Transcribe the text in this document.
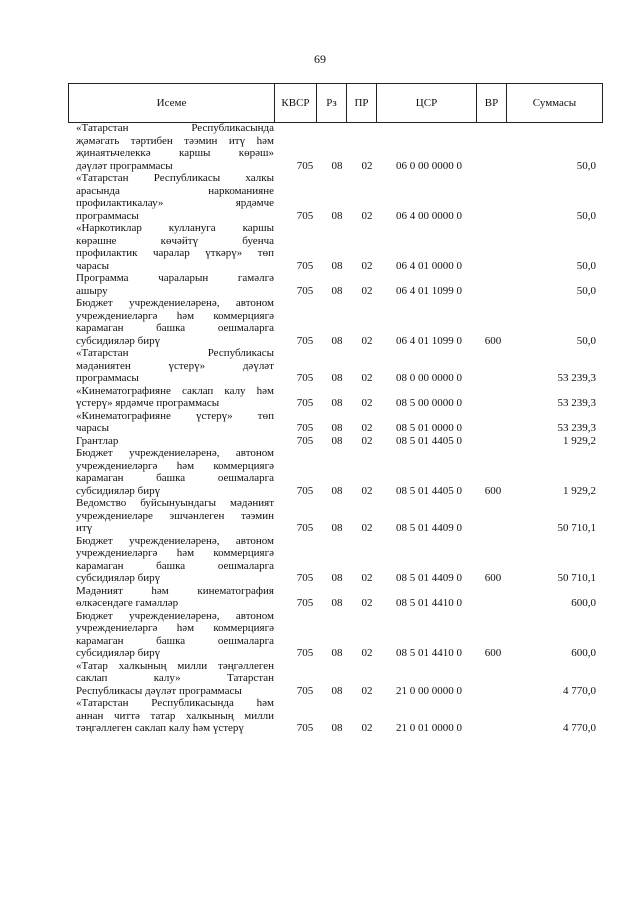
69
Исеме	КВСР	Рз	ПР	ЦСР	ВР	Суммасы
«Татарстан Республикасында
җәмәгать тәртибен тәэмин итү һәм
җинаятьчелеккә каршы көрәш»
дәүләт программасы	705	08	02	06 0 00 0000 0	50,0
«Татарстан Республикасы халкы
арасында наркоманияне
профилактикалау» ярдәмче
программасы	705	08	02	06 4 00 0000 0	50,0
«Наркотиклар куллануга каршы
көрәшне көчәйтү буенча
профилактик чаралар үткәрү» төп
чарасы	705	08	02	06 4 01 0000 0	50,0
Программа чараларын гамәлгә
ашыру	705	08	02	06 4 01 1099 0	50,0
Бюджет учреждениеләренә, автоном
учреждениеләргә һәм коммерциягә
карамаган башка оешмаларга
субсидияләр бирү	705	08	02	06 4 01 1099 0	600	50,0
«Татарстан Республикасы
мәдәниятен үстерү» дәүләт
программасы	705	08	02	08 0 00 0000 0	53 239,3
«Кинематографияне саклап калу һәм
үстерү» ярдәмче программасы	705	08	02	08 5 00 0000 0	53 239,3
«Кинематографияне үстерү» төп
чарасы	705	08	02	08 5 01 0000 0	53 239,3
Грантлар	705	08	02	08 5 01 4405 0	1 929,2
Бюджет учреждениеләренә, автоном
учреждениеләргә һәм коммерциягә
карамаган башка оешмаларга
субсидияләр бирү	705	08	02	08 5 01 4405 0	600	1 929,2
Ведомство буйсынуындагы мәдәният
учреждениеләре эшчәнлеген тәэмин
итү	705	08	02	08 5 01 4409 0	50 710,1
Бюджет учреждениеләренә, автоном
учреждениеләргә һәм коммерциягә
карамаган башка оешмаларга
субсидияләр бирү	705	08	02	08 5 01 4409 0	600	50 710,1
Мәдәният һәм кинематография
өлкәсендәге гамәлләр	705	08	02	08 5 01 4410 0	600,0
Бюджет учреждениеләренә, автоном
учреждениеләргә һәм коммерциягә
карамаган башка оешмаларга
субсидияләр бирү	705	08	02	08 5 01 4410 0	600	600,0
«Татар халкының милли тәңгәллеген
саклап калу» Татарстан
Республикасы дәүләт программасы	705	08	02	21 0 00 0000 0	4 770,0
«Татарстан Республикасында һәм
аннан читтә татар халкының милли
тәңгәллеген саклап калу һәм үстерү	705	08	02	21 0 01 0000 0	4 770,0
